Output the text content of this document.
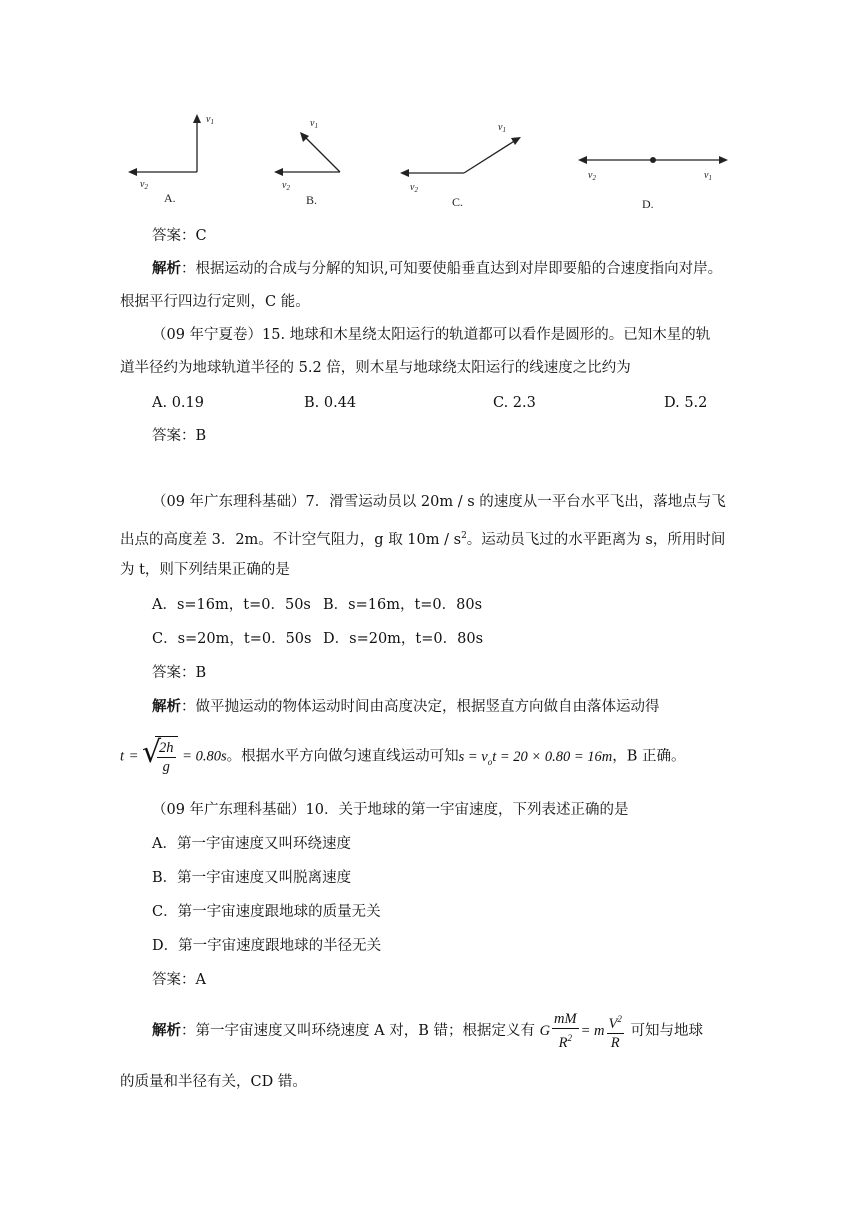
$v_1$
$v_2$
A.
$v_1$
$v_2$
B.
$v_1$
$v_2$
C.
$v_2$	$v_1$
D.
答案：C
解析：根据运动的合成与分解的知识,可知要使船垂直达到对岸即要船的合速度指向对岸。
根据平行四边行定则，C 能。
（09 年宁夏卷）15. 地球和木星绕太阳运行的轨道都可以看作是圆形的。已知木星的轨
道半径约为地球轨道半径的 5.2 倍，则木星与地球绕太阳运行的线速度之比约为
A. 0.19	B. 0.44	C. 2.3	D. 5.2
答案：B
（09 年广东理科基础）7．滑雪运动员以 20m / s 的速度从一平台水平飞出，落地点与飞
出点的高度差 3．2m。不计空气阻力，g 取 $10m / s^2$。运动员飞过的水平距离为 s，所用时间
为 t，则下列结果正确的是
A．s=16m，t=0．50s B．s=16m，t=0．80s
C．s=20m，t=0．50s D．s=20m，t=0．80s
答案：B
解析：做平抛运动的物体运动时间由高度决定，根据竖直方向做自由落体运动得
t =
√ $\frac{2h}{g} = 0.80s$。根据水平方向做匀速直线运动可知$s = v_ot = 20 \times 0.80 = 16m$，B 正确。
（09 年广东理科基础）10．关于地球的第一宇宙速度，下列表述正确的是
A．第一宇宙速度又叫环绕速度
B．第一宇宙速度又叫脱离速度
C．第一宇宙速度跟地球的质量无关
D．第一宇宙速度跟地球的半径无关
答案：A
解析：第一宇宙速度又叫环绕速度 A 对，B 错；根据定义有 G $\frac{mM}{R^2} = m \frac{V^2}{R}$ 可知与地球
的质量和半径有关，CD 错。
